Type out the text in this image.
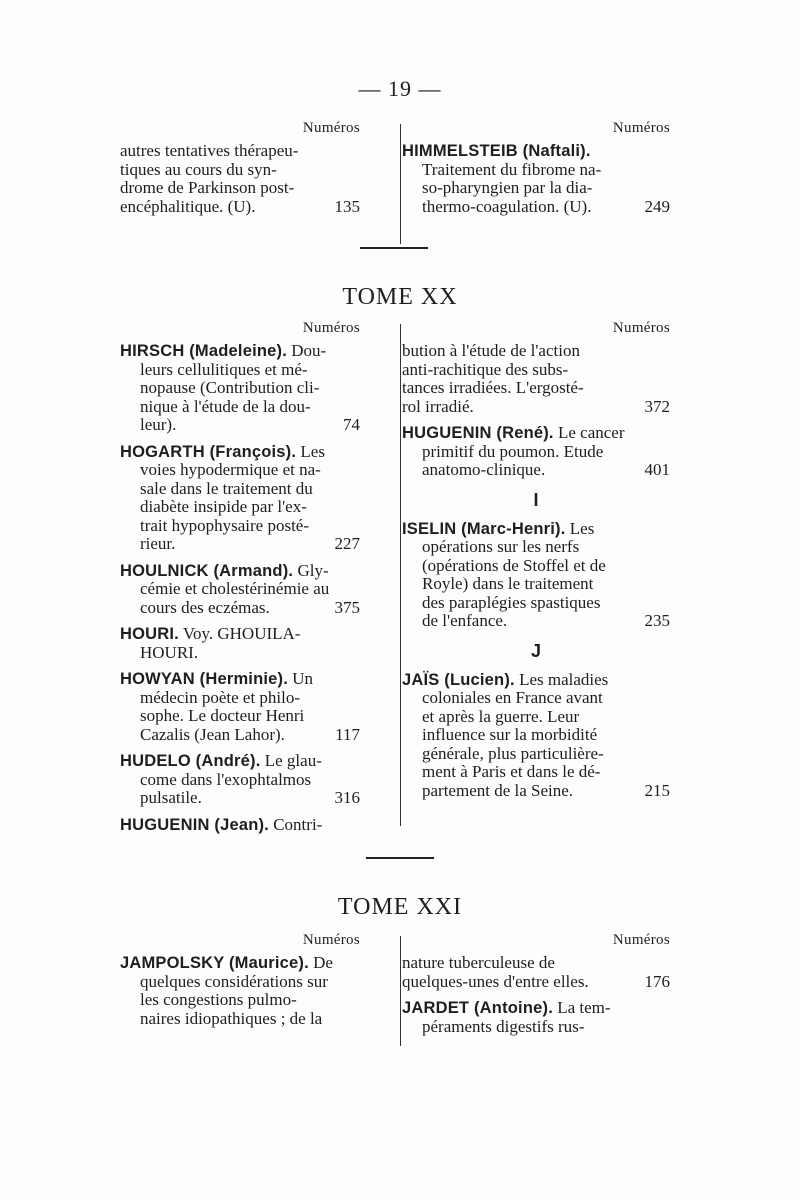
— 19 —
Numéros
autres tentatives thérapeu-
tiques au cours du syn-
drome de Parkinson post-
encéphalitique. (U).	135
Numéros
HIMMELSTEIB (Naftali).
Traitement du fibrome na-
so-pharyngien par la dia-
thermo-coagulation. (U).	249
TOME XX
Numéros
HIRSCH (Madeleine). Dou-
leurs cellulitiques et mé-
nopause (Contribution cli-
nique à l'étude de la dou-
leur).	74
HOGARTH (François). Les
voies hypodermique et na-
sale dans le traitement du
diabète insipide par l'ex-
trait hypophysaire posté-
rieur.	227
HOULNICK (Armand). Gly-
cémie et cholestérinémie au
cours des eczémas.	375
HOURI. Voy. GHOUILA-
HOURI.
HOWYAN (Herminie). Un
médecin poète et philo-
sophe. Le docteur Henri
Cazalis (Jean Lahor).	117
HUDELO (André). Le glau-
come dans l'exophtalmos
pulsatile.	316
HUGUENIN (Jean). Contri-
Numéros
bution à l'étude de l'action
anti-rachitique des subs-
tances irradiées. L'ergosté-
rol irradié.	372
HUGUENIN (René). Le cancer
primitif du poumon. Etude
anatomo-clinique.	401
I
ISELIN (Marc-Henri). Les
opérations sur les nerfs
(opérations de Stoffel et de
Royle) dans le traitement
des paraplégies spastiques
de l'enfance.	235
J
JAÏS (Lucien). Les maladies
coloniales en France avant
et après la guerre. Leur
influence sur la morbidité
générale, plus particulière-
ment à Paris et dans le dé-
partement de la Seine.	215
TOME XXI
Numéros
JAMPOLSKY (Maurice). De
quelques considérations sur
les congestions pulmo-
naires idiopathiques ; de la
Numéros
nature tuberculeuse de
quelques-unes d'entre elles.	176
JARDET (Antoine). La tem-
péraments digestifs rus-
